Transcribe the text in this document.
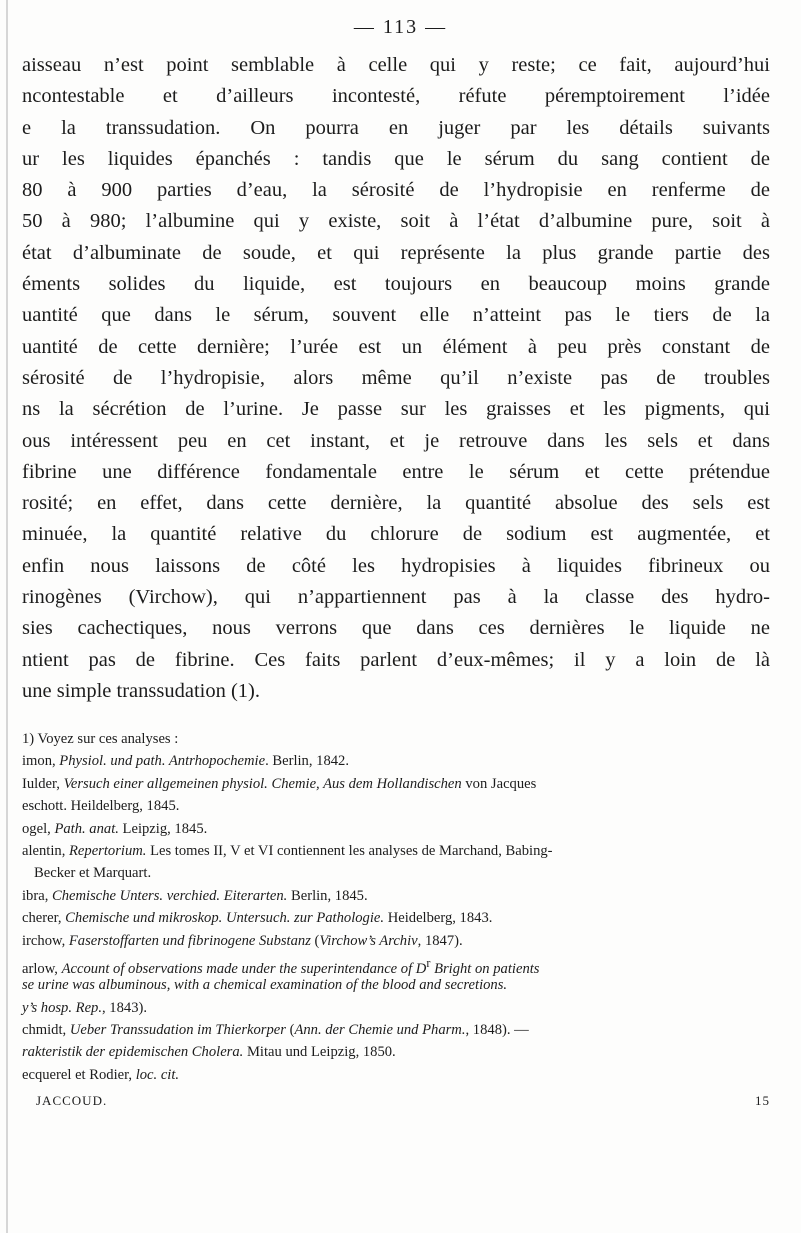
— 113 —
aisseau n’est point semblable à celle qui y reste; ce fait, aujourd’hui
ncontestable et d’ailleurs incontesté, réfute péremptoirement l’idée
e la transsudation. On pourra en juger par les détails suivants
ur les liquides épanchés : tandis que le sérum du sang contient de
80 à 900 parties d’eau, la sérosité de l’hydropisie en renferme de
50 à 980; l’albumine qui y existe, soit à l’état d’albumine pure, soit à
état d’albuminate de soude, et qui représente la plus grande partie des
éments solides du liquide, est toujours en beaucoup moins grande
uantité que dans le sérum, souvent elle n’atteint pas le tiers de la
uantité de cette dernière; l’urée est un élément à peu près constant de
sérosité de l’hydropisie, alors même qu’il n’existe pas de troubles
ns la sécrétion de l’urine. Je passe sur les graisses et les pigments, qui
ous intéressent peu en cet instant, et je retrouve dans les sels et dans
fibrine une différence fondamentale entre le sérum et cette prétendue
rosité; en effet, dans cette dernière, la quantité absolue des sels est
minuée, la quantité relative du chlorure de sodium est augmentée, et
enfin nous laissons de côté les hydropisies à liquides fibrineux ou
rinogènes (Virchow), qui n’appartiennent pas à la classe des hydro-
sies cachectiques, nous verrons que dans ces dernières le liquide ne
ntient pas de fibrine. Ces faits parlent d’eux-mêmes; il y a loin de là
une simple transsudation (1).
1) Voyez sur ces analyses :
imon, Physiol. und path. Antrhopochemie. Berlin, 1842.
Iulder, Versuch einer allgemeinen physiol. Chemie, Aus dem Hollandischen von Jacques
eschott. Heildelberg, 1845.
ogel, Path. anat. Leipzig, 1845.
alentin, Repertorium. Les tomes II, V et VI contiennent les analyses de Marchand, Babing-
Becker et Marquart.
ibra, Chemische Unters. verchied. Eiterarten. Berlin, 1845.
cherer, Chemische und mikroskop. Untersuch. zur Pathologie. Heidelberg, 1843.
irchow, Faserstoffarten und fibrinogene Substanz (Virchow’s Archiv, 1847).
arlow, Account of observations made under the superintendance of $D^r$ Bright on patients
se urine was albuminous, with a chemical examination of the blood and secretions.
y’s hosp. Rep., 1843).
chmidt, Ueber Transsudation im Thierkorper (Ann. der Chemie und Pharm., 1848). —
rakteristik der epidemischen Cholera. Mitau und Leipzig, 1850.
ecquerel et Rodier, loc. cit.
JACCOUD.	15
